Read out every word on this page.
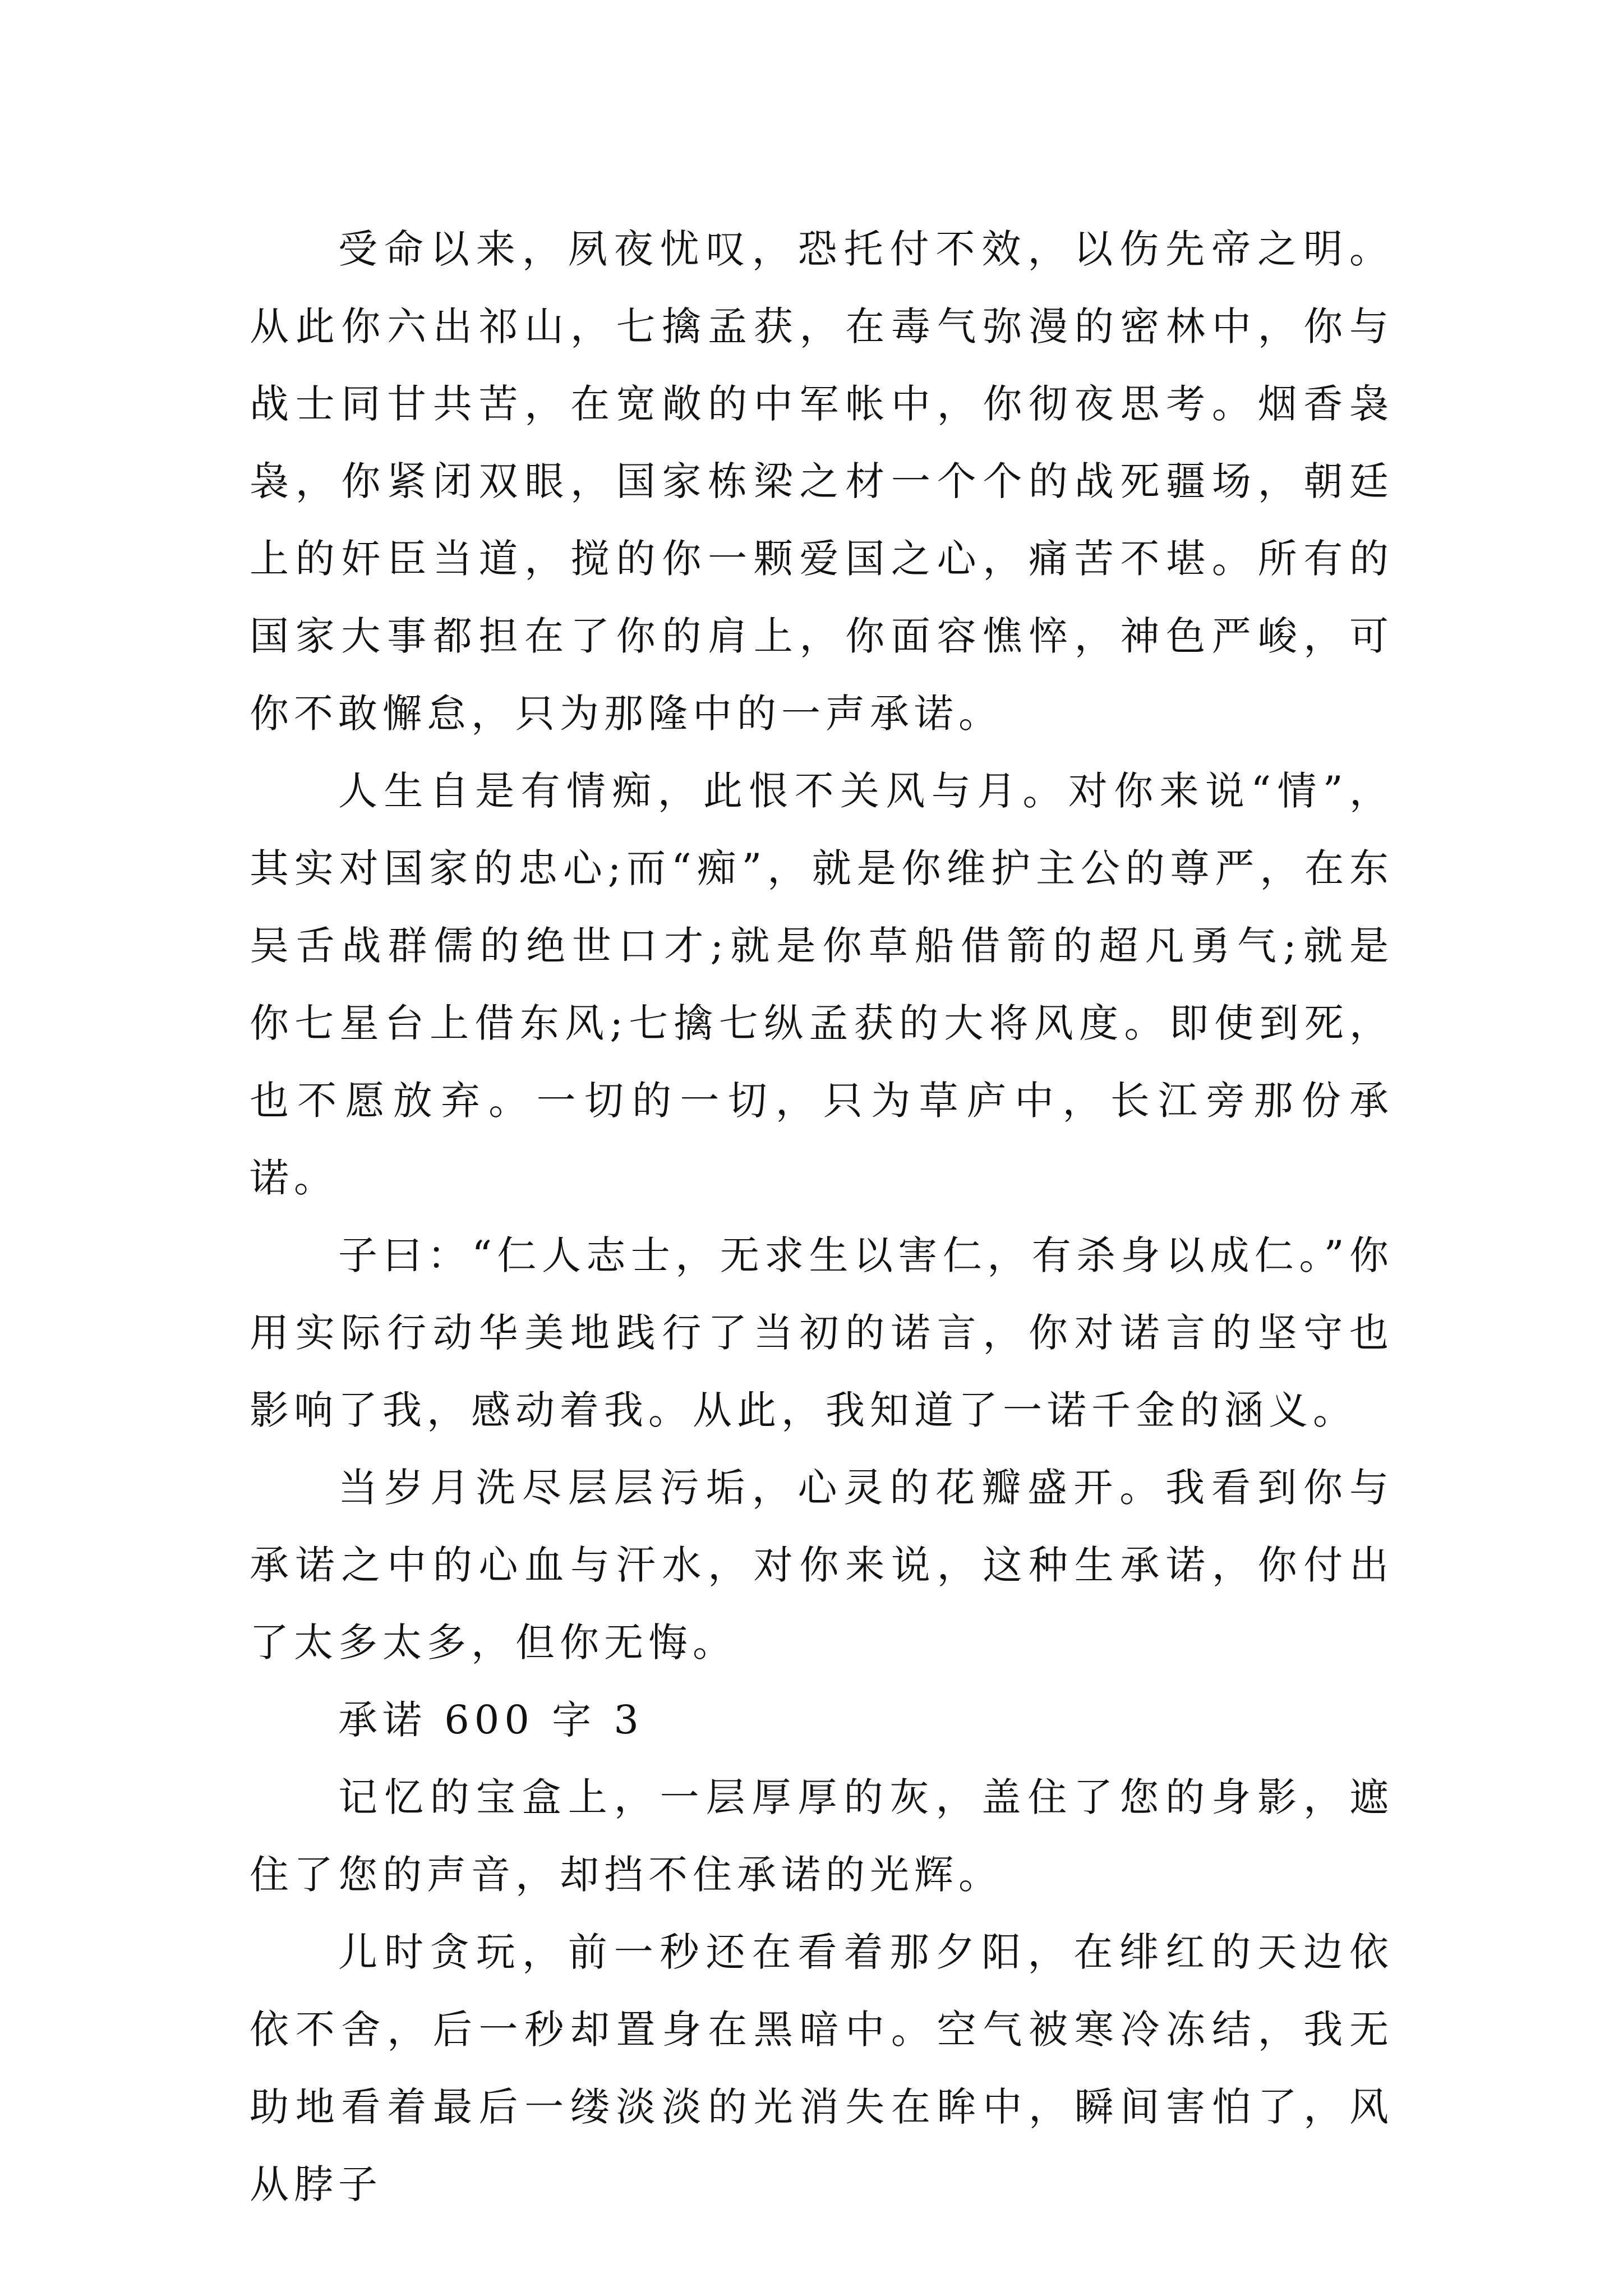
受命以来，夙夜忧叹，恐托付不效，以伤先帝之明。从此你六出祁山，七擒孟获，在毒气弥漫的密林中，你与战士同甘共苦，在宽敞的中军帐中，你彻夜思考。烟香袅袅，你紧闭双眼，国家栋梁之材一个个的战死疆场，朝廷上的奸臣当道，搅的你一颗爱国之心，痛苦不堪。所有的国家大事都担在了你的肩上，你面容憔悴，神色严峻，可你不敢懈怠，只为那隆中的一声承诺。

人生自是有情痴，此恨不关风与月。对你来说“情”，其实对国家的忠心;而“痴”，就是你维护主公的尊严，在东吴舌战群儒的绝世口才;就是你草船借箭的超凡勇气;就是你七星台上借东风;七擒七纵孟获的大将风度。即使到死，也不愿放弃。一切的一切，只为草庐中，长江旁那份承诺。

子曰：“仁人志士，无求生以害仁，有杀身以成仁。”你用实际行动华美地践行了当初的诺言，你对诺言的坚守也影响了我，感动着我。从此，我知道了一诺千金的涵义。

当岁月洗尽层层污垢，心灵的花瓣盛开。我看到你与承诺之中的心血与汗水，对你来说，这种生承诺，你付出了太多太多，但你无悔。

承诺 600 字 3

记忆的宝盒上，一层厚厚的灰，盖住了您的身影，遮住了您的声音，却挡不住承诺的光辉。

儿时贪玩，前一秒还在看着那夕阳，在绯红的天边依依不舍，后一秒却置身在黑暗中。空气被寒冷冻结，我无助地看着最后一缕淡淡的光消失在眸中，瞬间害怕了，风从脖子
